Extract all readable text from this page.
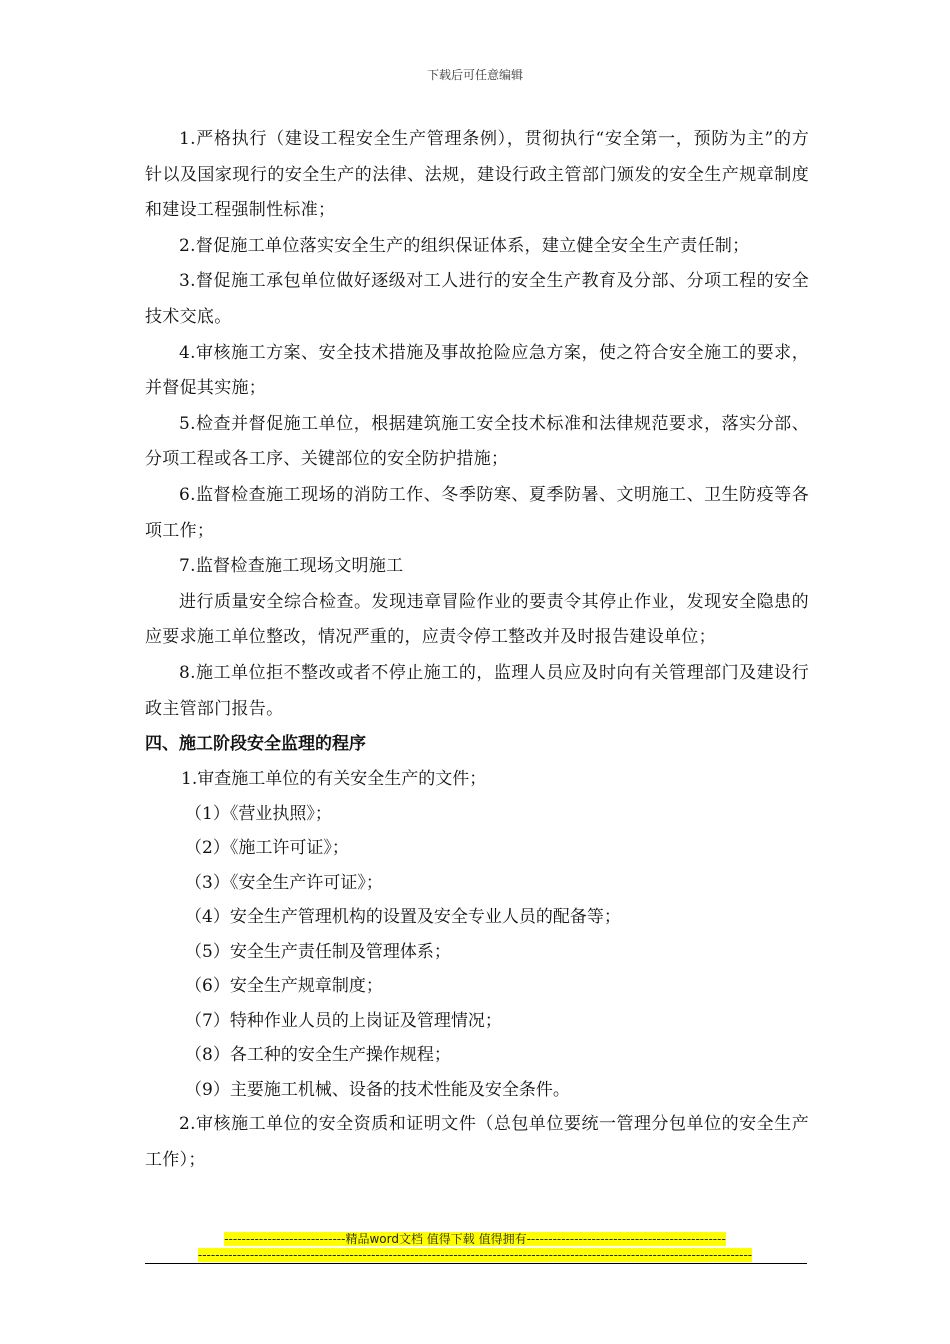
下载后可任意编辑

1.严格执行（建设工程安全生产管理条例），贯彻执行“安全第一，预防为主”的方针以及国家现行的安全生产的法律、法规，建设行政主管部门颁发的安全生产规章制度和建设工程强制性标准；

2.督促施工单位落实安全生产的组织保证体系，建立健全安全生产责任制；

3.督促施工承包单位做好逐级对工人进行的安全生产教育及分部、分项工程的安全技术交底。

4.审核施工方案、安全技术措施及事故抢险应急方案，使之符合安全施工的要求，并督促其实施；

5.检查并督促施工单位，根据建筑施工安全技术标准和法律规范要求，落实分部、分项工程或各工序、关键部位的安全防护措施；

6.监督检查施工现场的消防工作、冬季防寒、夏季防暑、文明施工、卫生防疫等各项工作；

7.监督检查施工现场文明施工

进行质量安全综合检查。发现违章冒险作业的要责令其停止作业，发现安全隐患的应要求施工单位整改，情况严重的，应责令停工整改并及时报告建设单位；

8.施工单位拒不整改或者不停止施工的，监理人员应及时向有关管理部门及建设行政主管部门报告。

四、施工阶段安全监理的程序

1.审查施工单位的有关安全生产的文件；

（1）《营业执照》；

（2）《施工许可证》；

（3）《安全生产许可证》；

（4）安全生产管理机构的设置及安全专业人员的配备等；

（5）安全生产责任制及管理体系；

（6）安全生产规章制度；

（7）特种作业人员的上岗证及管理情况；

（8）各工种的安全生产操作规程；

（9）主要施工机械、设备的技术性能及安全条件。

2.审核施工单位的安全资质和证明文件（总包单位要统一管理分包单位的安全生产工作）；

----------------------------精品word文档 值得下载 值得拥有----------------------------------------------
--------------------------------------------------------------------------------------------------------------------------------
